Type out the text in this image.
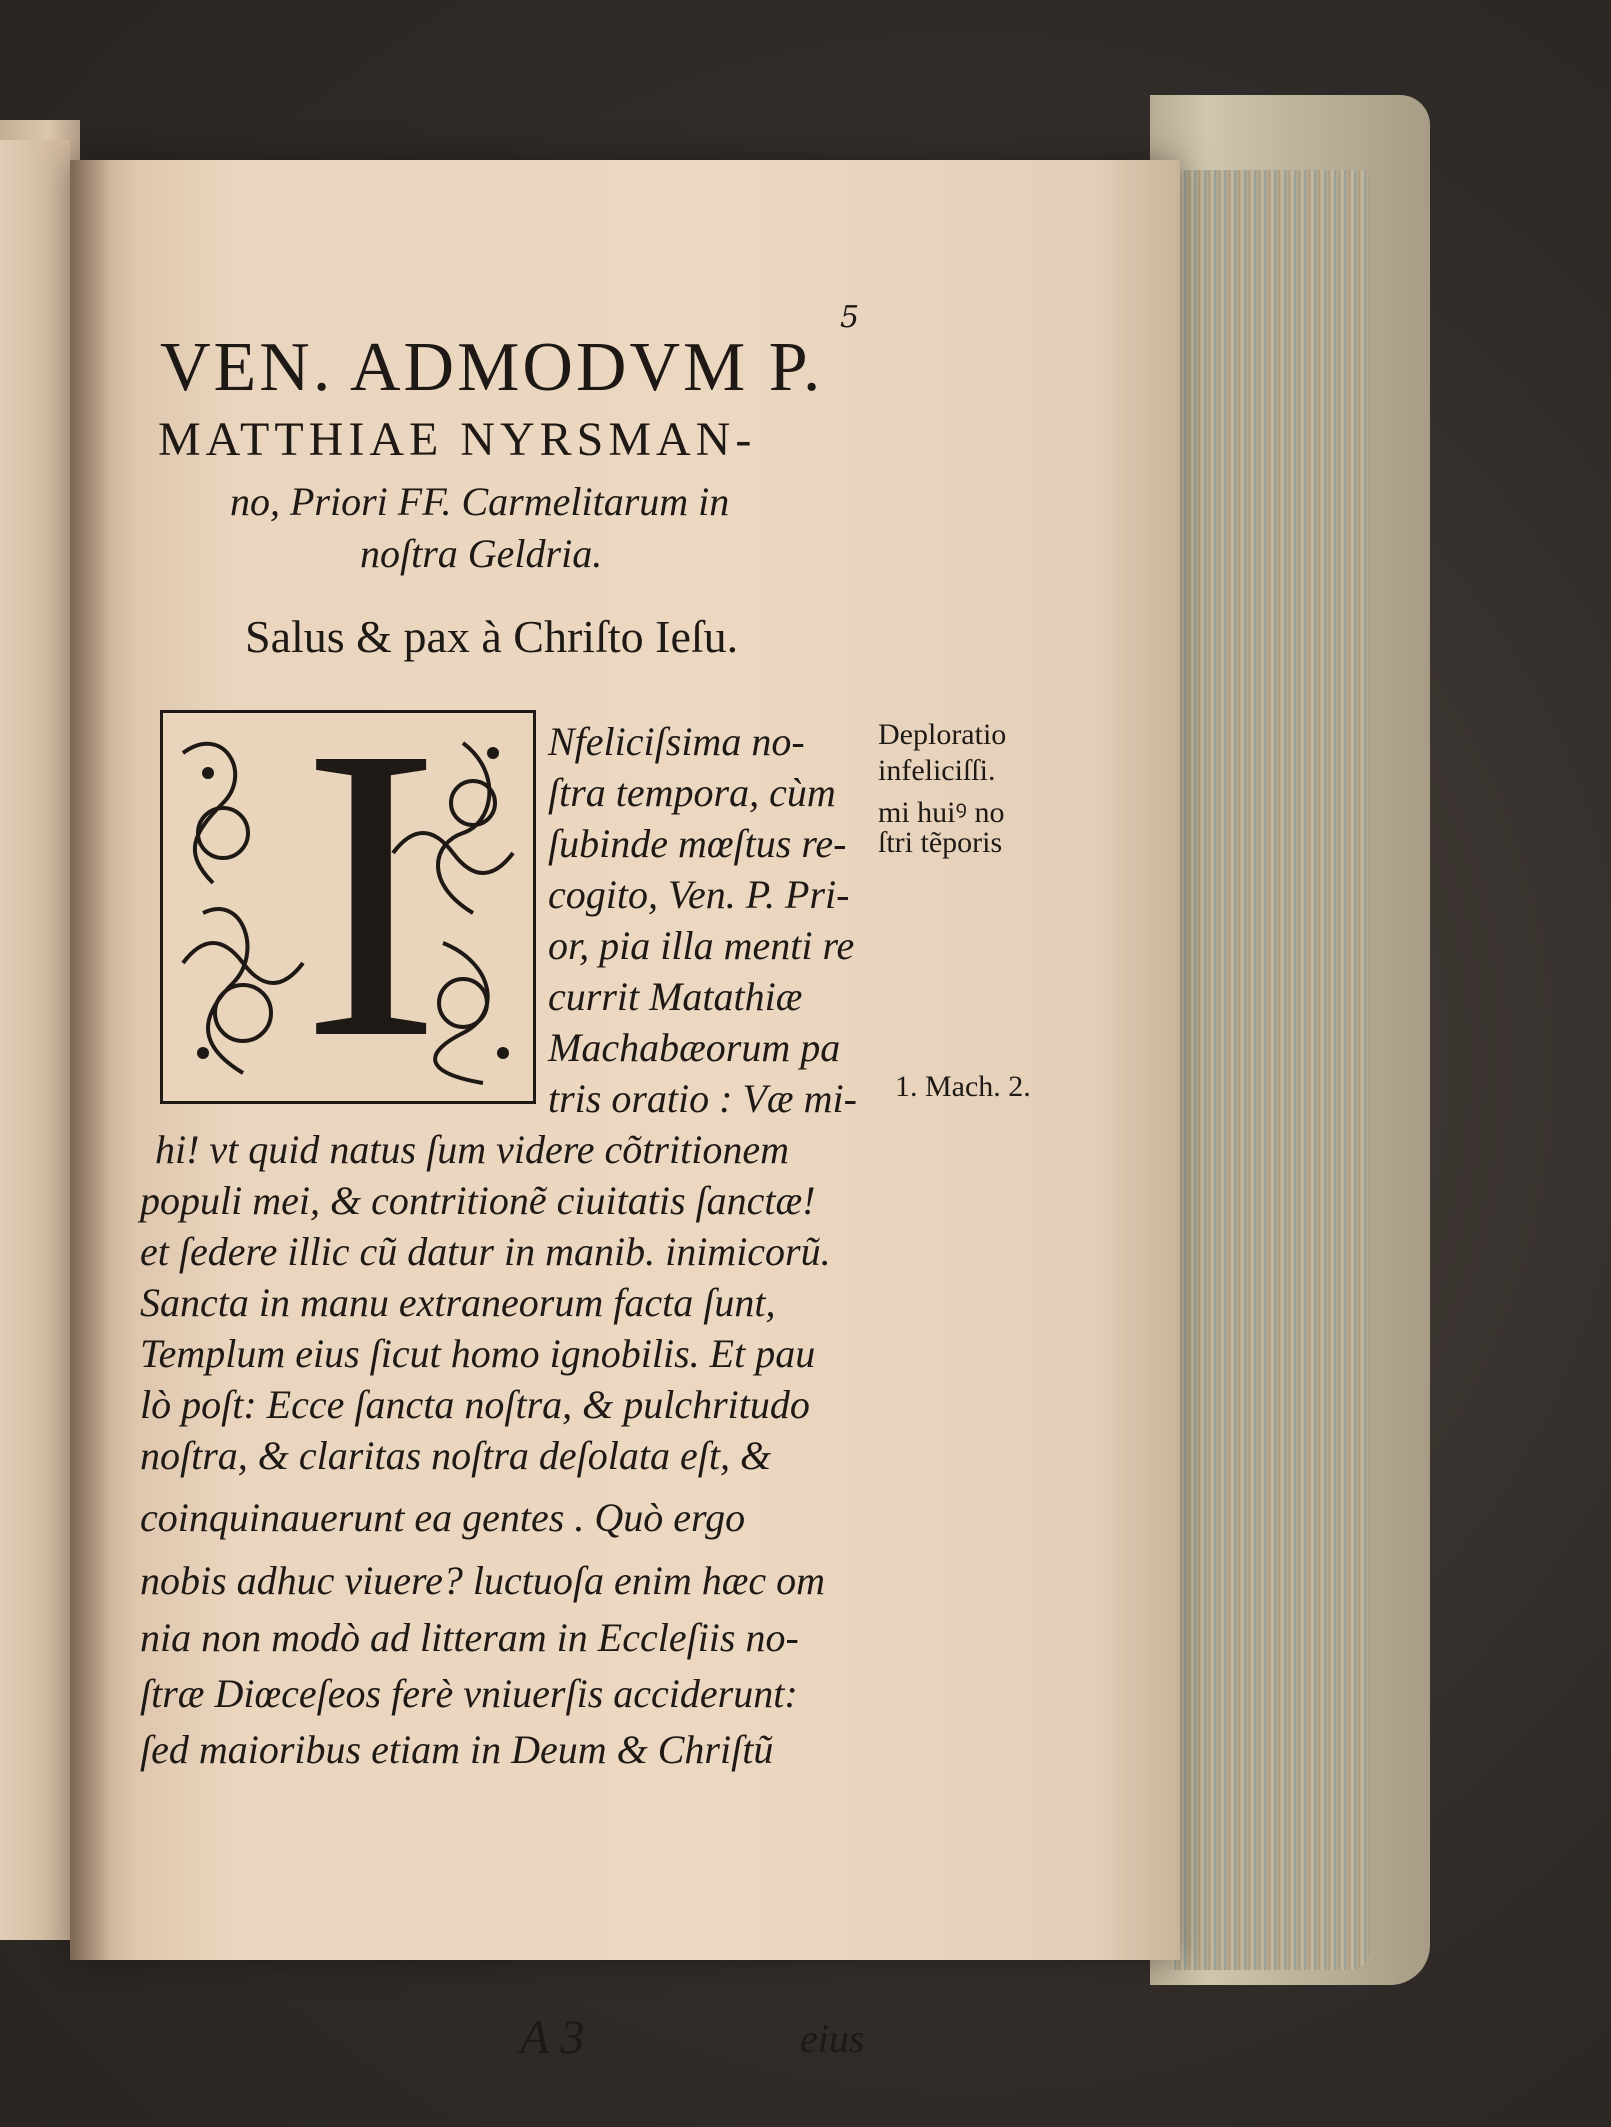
5
VEN. ADMODVM P.
MATTHIAE NYRSMAN-
no, Priori FF. Carmelitarum in
noſtra Geldria.
Salus & pax à Chriſto Ieſu.
I	Nfeliciſsima no-
ſtra tempora, cùm
ſubinde mœſtus re-
cogito, Ven. P. Pri-
or, pia illa menti re
currit Matathiæ
Machabæorum pa
tris oratio : Væ mi-
hi! vt quid natus ſum videre cõtritionem
populi mei, & contritionẽ ciuitatis ſanctæ!
et ſedere illic cũ datur in manib. inimicorũ.
Sancta in manu extraneorum facta ſunt,
Templum eius ſicut homo ignobilis. Et pau
lò poſt: Ecce ſancta noſtra, & pulchritudo
noſtra, & claritas noſtra deſolata eſt, &
coinquinauerunt ea gentes . Quò ergo
nobis adhuc viuere? luctuoſa enim hæc om
nia non modò ad litteram in Eccleſiis no-
ſtræ Diœceſeos ferè vniuerſis acciderunt:
ſed maioribus etiam in Deum & Chriſtũ
Deploratio
infeliciſſi.
mi huiꝰ no
ſtri tẽporis
1. Mach. 2.
A 3	eius
